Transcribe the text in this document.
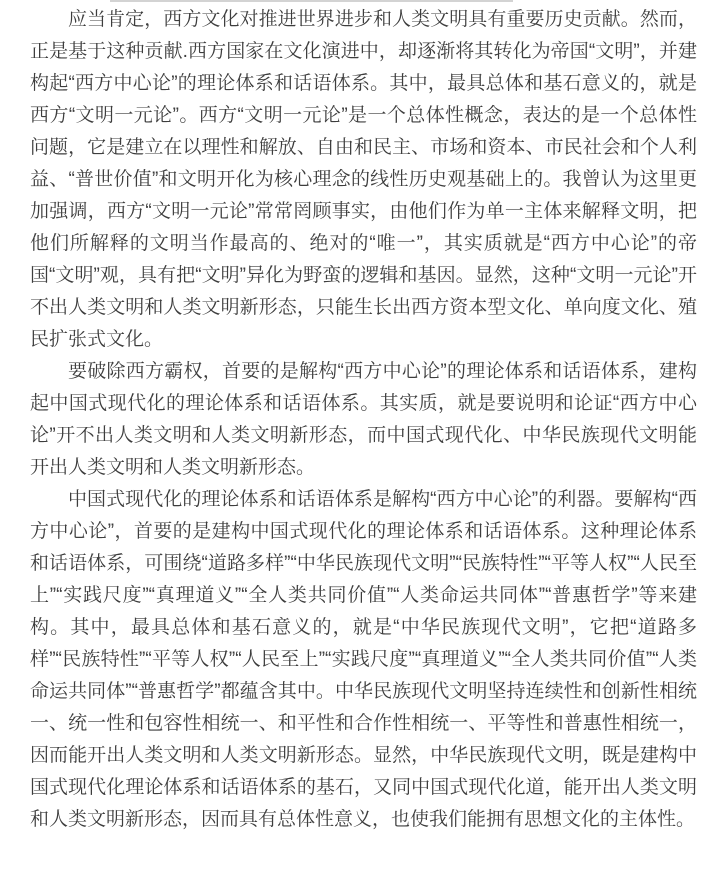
应当肯定，西方文化对推进世界进步和人类文明具有重要历史贡献。然而，正是基于这种贡献.西方国家在文化演进中，却逐渐将其转化为帝国“文明”，并建构起“西方中心论”的理论体系和话语体系。其中，最具总体和基石意义的，就是西方“文明一元论”。西方“文明一元论”是一个总体性概念，表达的是一个总体性问题，它是建立在以理性和解放、自由和民主、市场和资本、市民社会和个人利益、“普世价值”和文明开化为核心理念的线性历史观基础上的。我曾认为这里更加强调，西方“文明一元论”常常罔顾事实，由他们作为单一主体来解释文明，把他们所解释的文明当作最高的、绝对的“唯一”，其实质就是“西方中心论”的帝国“文明”观，具有把“文明”异化为野蛮的逻辑和基因。显然，这种“文明一元论”开不出人类文明和人类文明新形态，只能生长出西方资本型文化、单向度文化、殖民扩张式文化。

要破除西方霸权，首要的是解构“西方中心论”的理论体系和话语体系，建构起中国式现代化的理论体系和话语体系。其实质，就是要说明和论证“西方中心论”开不出人类文明和人类文明新形态，而中国式现代化、中华民族现代文明能开出人类文明和人类文明新形态。

中国式现代化的理论体系和话语体系是解构“西方中心论”的利器。要解构“西方中心论”，首要的是建构中国式现代化的理论体系和话语体系。这种理论体系和话语体系，可围绕“道路多样”“中华民族现代文明”“民族特性”“平等人权”“人民至上”“实践尺度”“真理道义”“全人类共同价值”“人类命运共同体”“普惠哲学”等来建构。其中，最具总体和基石意义的，就是“中华民族现代文明”，它把“道路多样”“民族特性”“平等人权”“人民至上”“实践尺度”“真理道义”“全人类共同价值”“人类命运共同体”“普惠哲学”都蕴含其中。中华民族现代文明坚持连续性和创新性相统一、统一性和包容性相统一、和平性和合作性相统一、平等性和普惠性相统一，因而能开出人类文明和人类文明新形态。显然，中华民族现代文明，既是建构中国式现代化理论体系和话语体系的基石，又同中国式现代化道，能开出人类文明和人类文明新形态，因而具有总体性意义，也使我们能拥有思想文化的主体性。
